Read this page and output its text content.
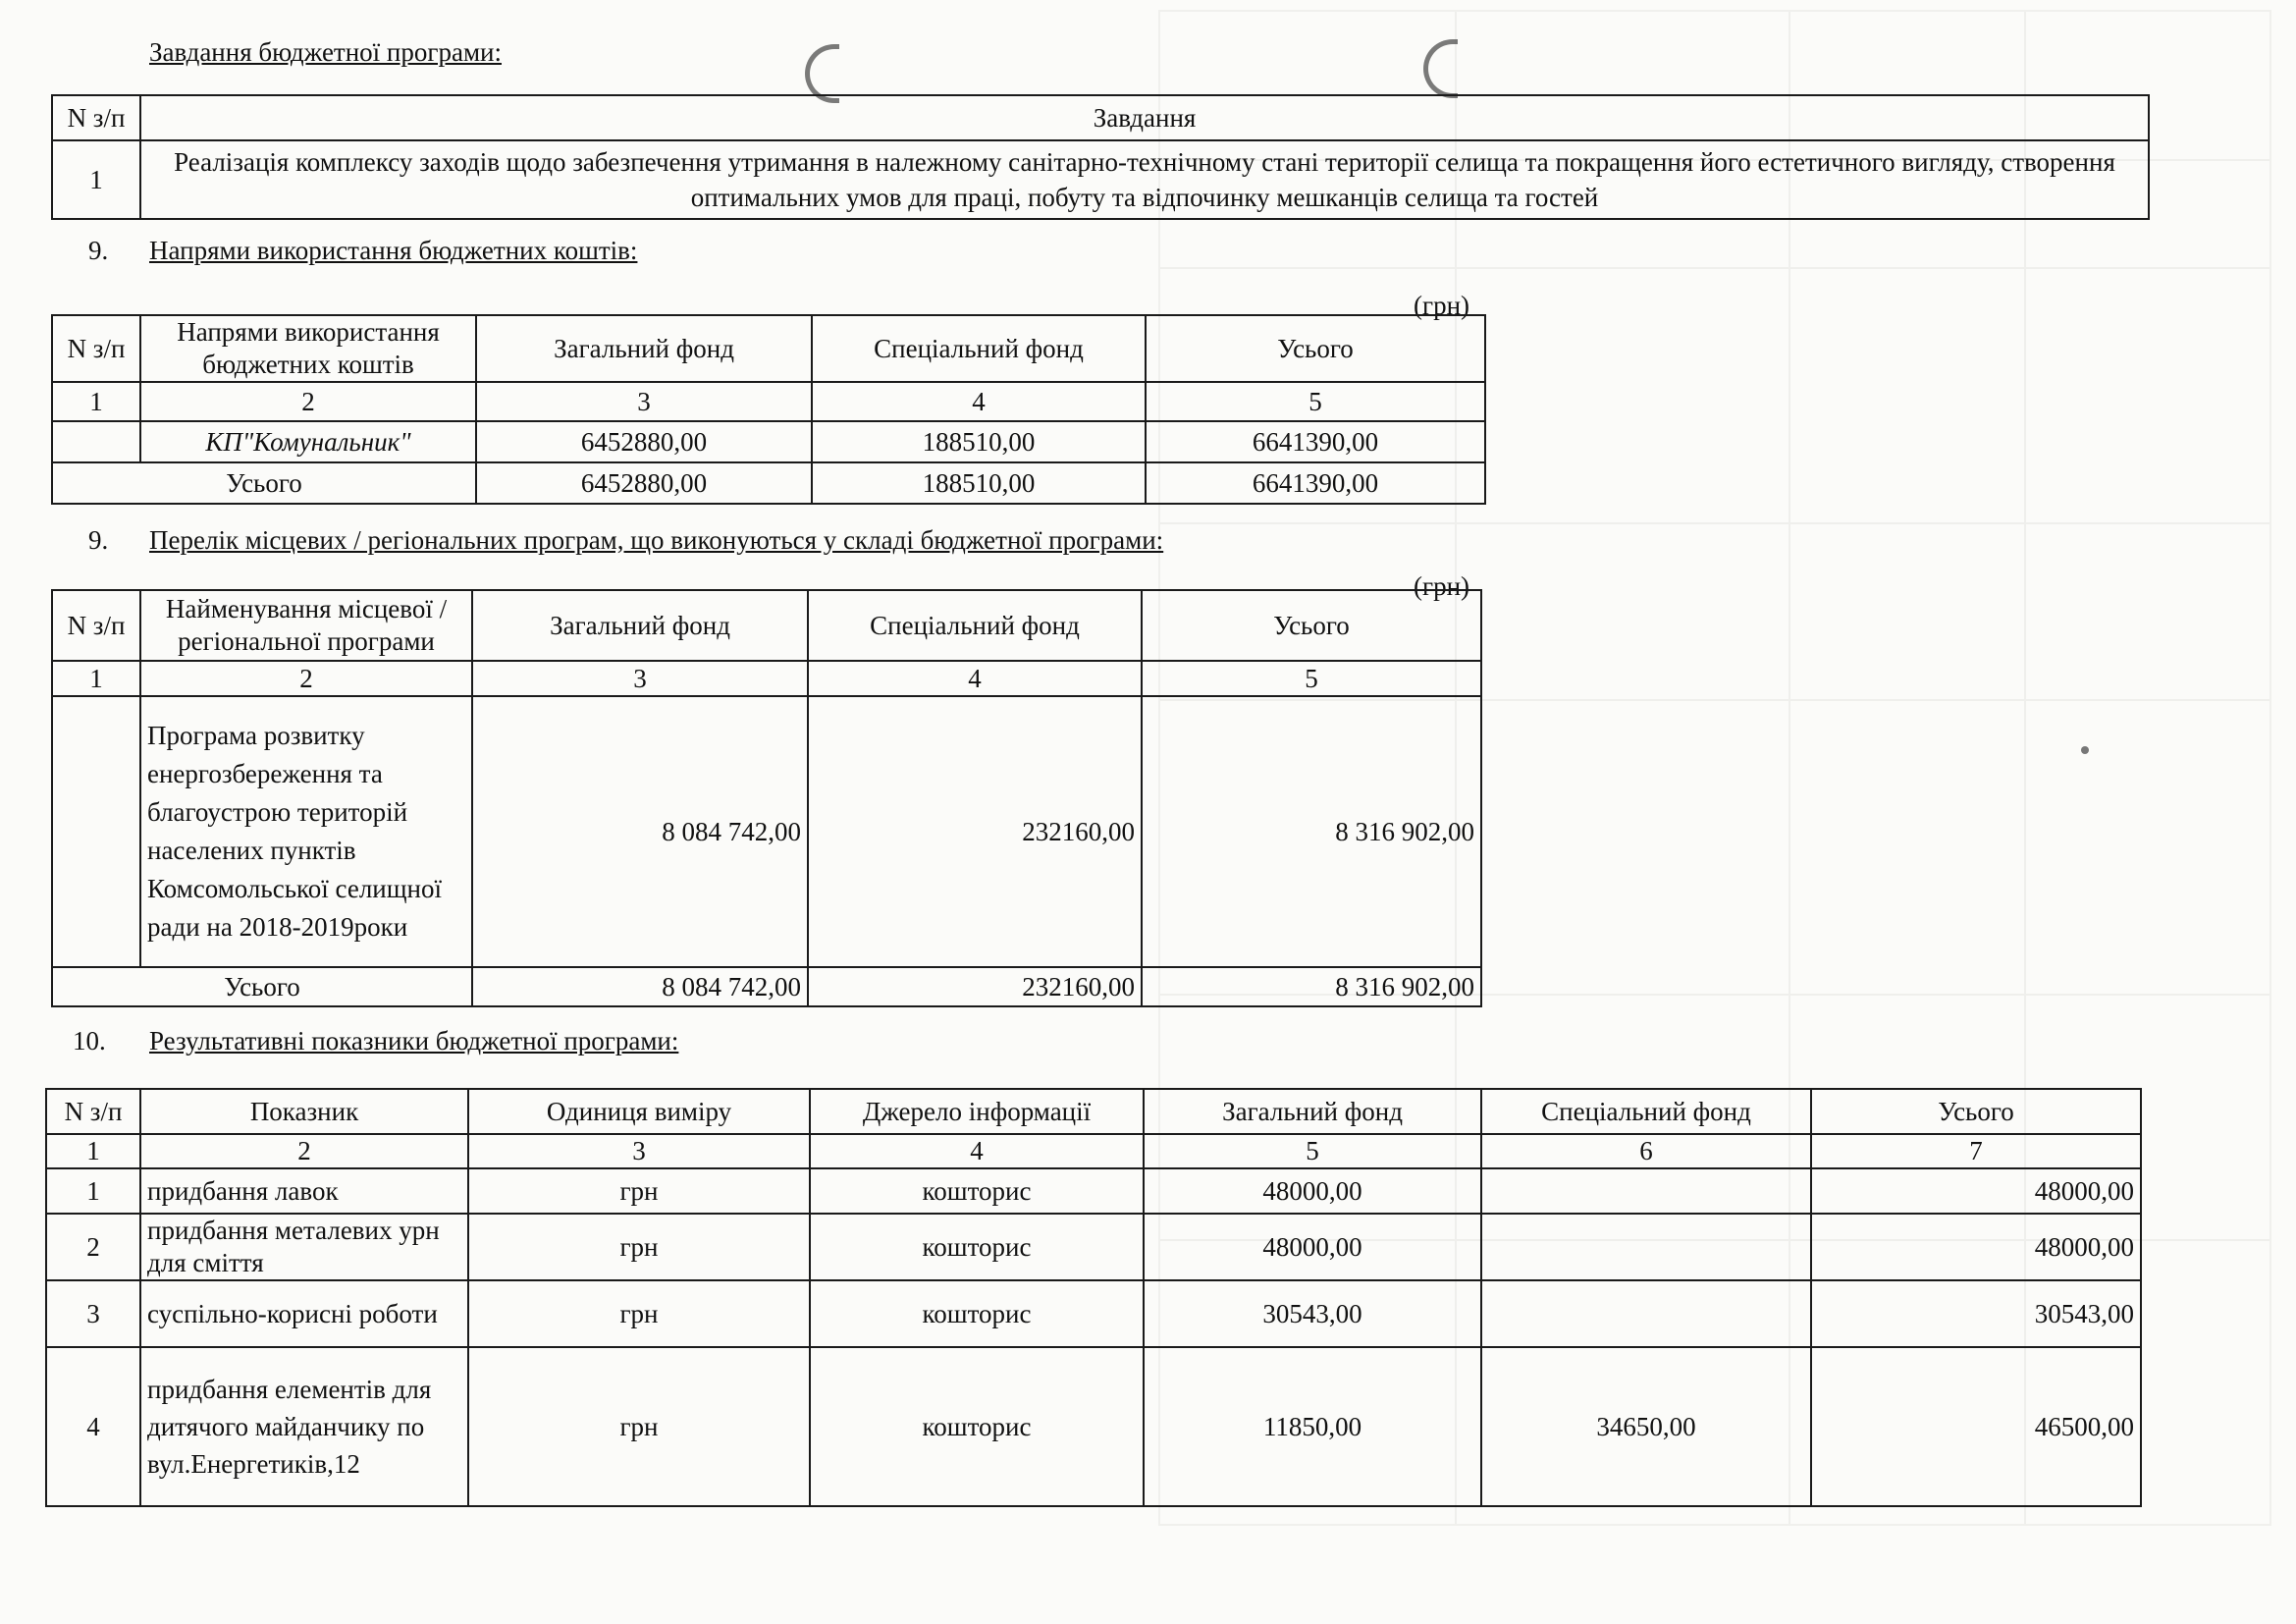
Завдання бюджетної програми:
N з/п	Завдання
1	Реалізація комплексу заходів щодо забезпечення утримання в належному санітарно-технічному стані території селища та покращення його естетичного вигляду, створення оптимальних умов для праці, побуту та відпочинку мешканців селища та гостей
9. Напрями використання бюджетних коштів:
(грн)
N з/п	Напрями використання бюджетних коштів	Загальний фонд	Спеціальний фонд	Усього
1	2	3	4	5
	КП"Комунальник"	6452880,00	188510,00	6641390,00
Усього		6452880,00	188510,00	6641390,00
9. Перелік місцевих / регіональних програм, що виконуються у складі бюджетної програми:
(грн)
N з/п	Найменування місцевої / регіональної програми	Загальний фонд	Спеціальний фонд	Усього
1	2	3	4	5
	Програма розвитку енергозбереження та благоустрою територій населених пунктів Комсомольської селищної ради на 2018-2019роки	8 084 742,00	232160,00	8 316 902,00
Усього		8 084 742,00	232160,00	8 316 902,00
10. Результативні показники бюджетної програми:
N з/п	Показник	Одиниця виміру	Джерело інформації	Загальний фонд	Спеціальний фонд	Усього
1	2	3	4	5	6	7
1	придбання лавок	грн	кошторис	48000,00		48000,00
2	придбання металевих урн для сміття	грн	кошторис	48000,00		48000,00
3	суспільно-корисні роботи	грн	кошторис	30543,00		30543,00
4	придбання елементів для дитячого майданчику по вул.Енергетиків,12	грн	кошторис	11850,00	34650,00	46500,00
